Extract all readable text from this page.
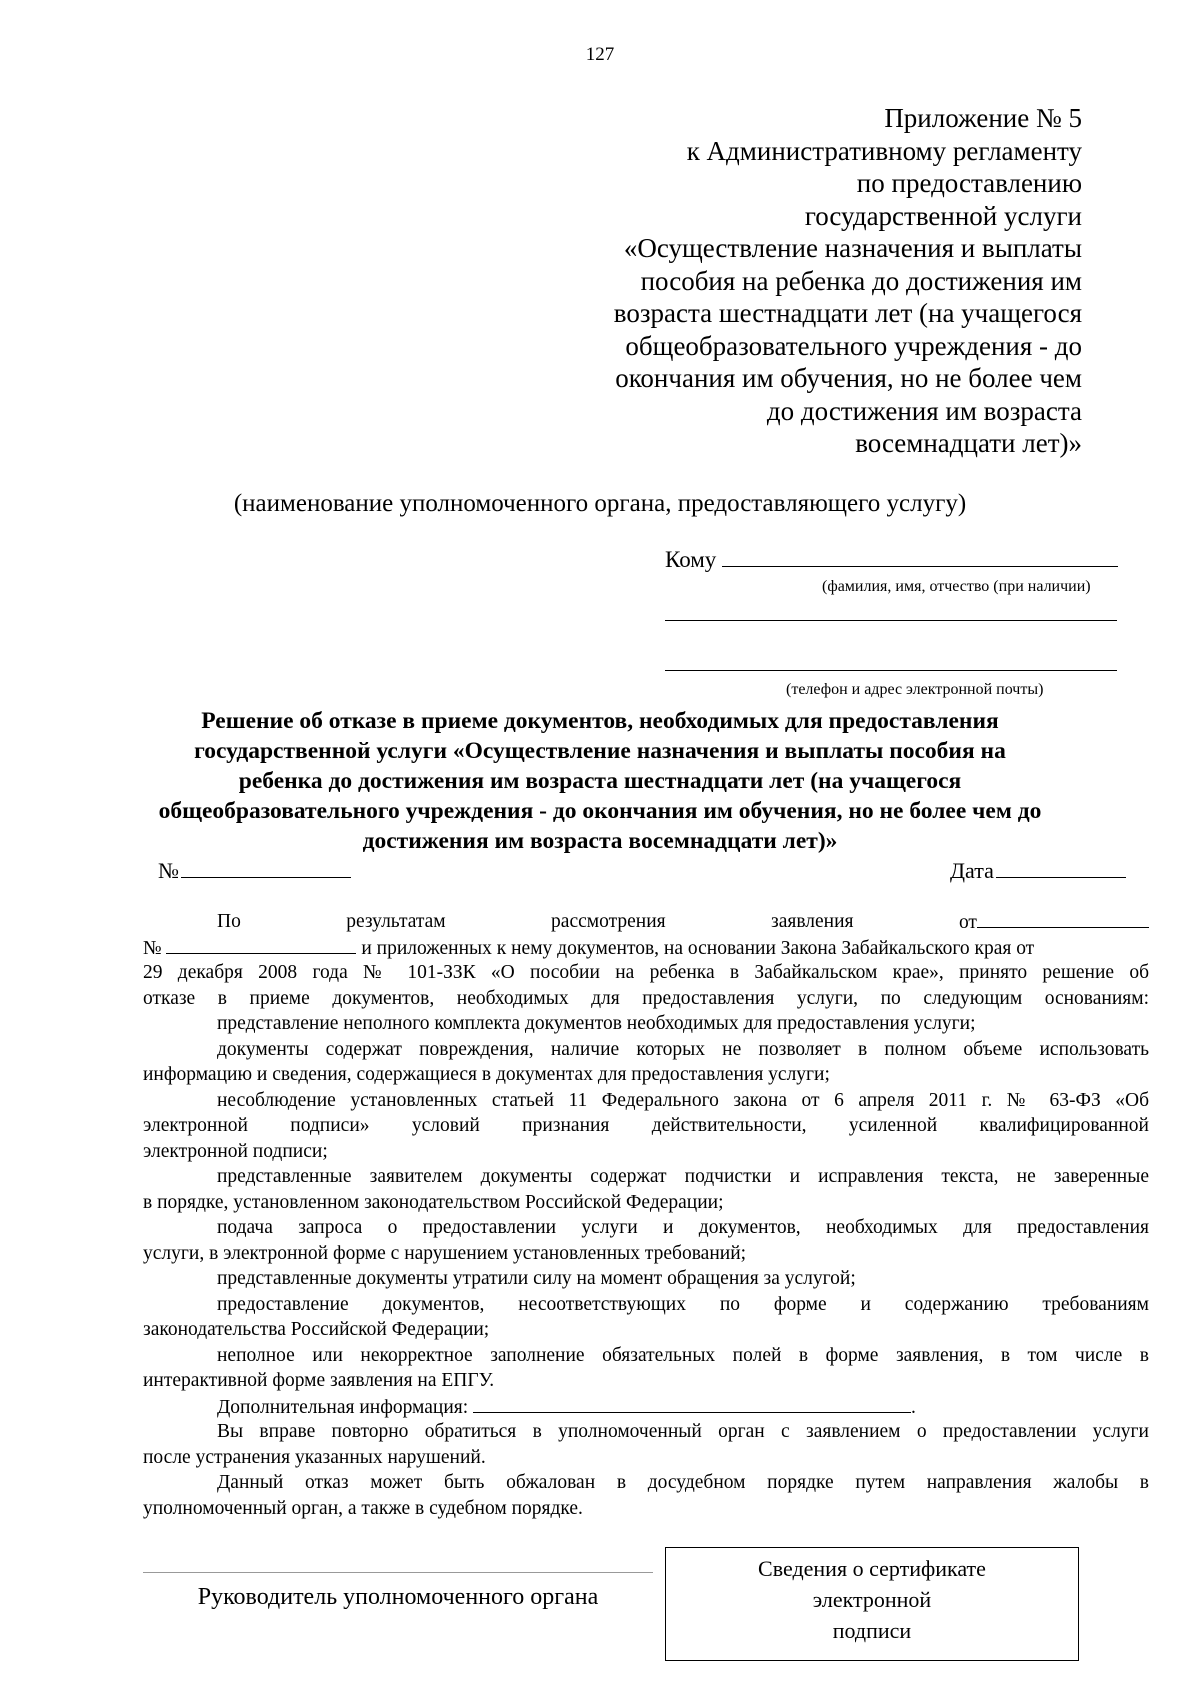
127
Приложение № 5
к Административному регламенту
по предоставлению
государственной услуги
«Осуществление назначения и выплаты
пособия на ребенка до достижения им
возраста шестнадцати лет (на учащегося
общеобразовательного учреждения - до
окончания им обучения, но не более чем
до достижения им возраста
восемнадцати лет)»
(наименование уполномоченного органа, предоставляющего услугу)
Кому
(фамилия, имя, отчество (при наличии)
(телефон и адрес электронной почты)
Решение об отказе в приеме документов, необходимых для предоставления
государственной услуги «Осуществление назначения и выплаты пособия на
ребенка до достижения им возраста шестнадцати лет (на учащегося
общеобразовательного учреждения - до окончания им обучения, но не более чем до
достижения им возраста восемнадцати лет)»
№	Дата
По	результатам	рассмотрения	заявления	от
№	и приложенных к нему документов, на основании Закона Забайкальского края от
29 декабря 2008 года № 101-ЗЗК «О пособии на ребенка в Забайкальском крае», принято решение об
отказе в приеме документов, необходимых для предоставления услуги, по следующим основаниям:
представление неполного комплекта документов необходимых для предоставления услуги;
документы содержат повреждения, наличие которых не позволяет в полном объеме использовать
информацию и сведения, содержащиеся в документах для предоставления услуги;
несоблюдение установленных статьей 11 Федерального закона от 6 апреля 2011 г. № 63-ФЗ «Об
электронной подписи» условий признания действительности, усиленной квалифицированной
электронной подписи;
представленные заявителем документы содержат подчистки и исправления текста, не заверенные
в порядке, установленном законодательством Российской Федерации;
подача запроса о предоставлении услуги и документов, необходимых для предоставления
услуги, в электронной форме с нарушением установленных требований;
представленные документы утратили силу на момент обращения за услугой;
предоставление документов, несоответствующих по форме и содержанию требованиям
законодательства Российской Федерации;
неполное или некорректное заполнение обязательных полей в форме заявления, в том числе в
интерактивной форме заявления на ЕПГУ.
Дополнительная информация:	.
Вы вправе повторно обратиться в уполномоченный орган с заявлением о предоставлении услуги
после устранения указанных нарушений.
Данный отказ может быть обжалован в досудебном порядке путем направления жалобы в
уполномоченный орган, а также в судебном порядке.
Руководитель уполномоченного органа
Сведения о сертификате
электронной
подписи
